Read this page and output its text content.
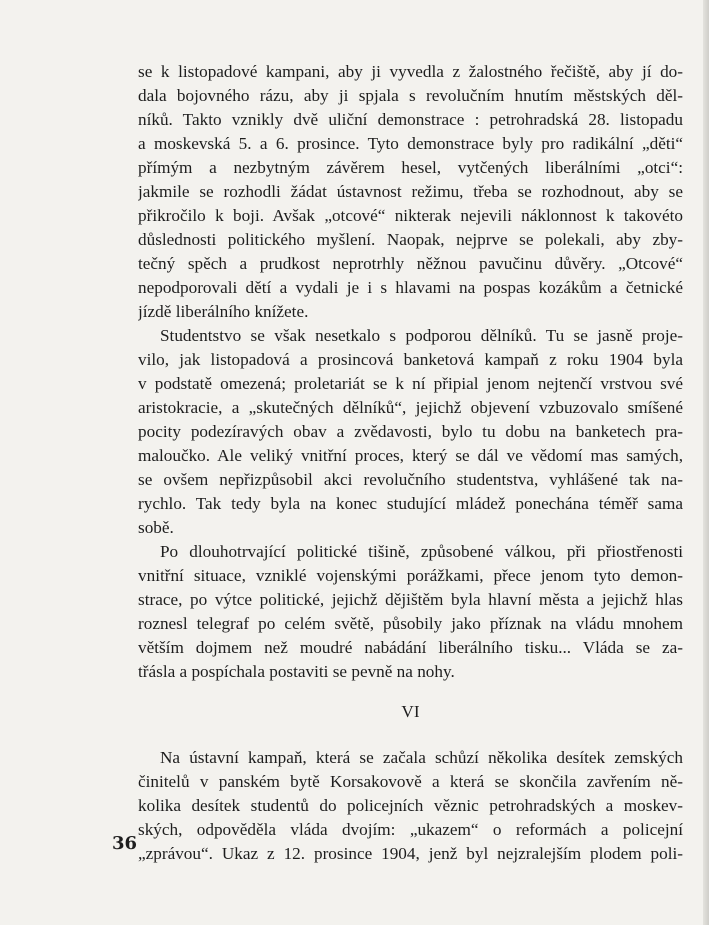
se k listopadové kampani, aby ji vyvedla z žalostného řečiště, aby jí do-
dala bojovného rázu, aby ji spjala s revolučním hnutím městských děl-
níků. Takto vznikly dvě uliční demonstrace : petrohradská 28. listopadu
a moskevská 5. a 6. prosince. Tyto demonstrace byly pro radikální „děti“
přímým a nezbytným závěrem hesel, vytčených liberálními „otci“:
jakmile se rozhodli žádat ústavnost režimu, třeba se rozhodnout, aby se
přikročilo k boji. Avšak „otcové“ nikterak nejevili náklonnost k takovéto
důslednosti politického myšlení. Naopak, nejprve se polekali, aby zby-
tečný spěch a prudkost neprotrhly něžnou pavučinu důvěry. „Otcové“
nepodporovali dětí a vydali je i s hlavami na pospas kozákům a četnické
jízdě liberálního knížete.
Studentstvo se však nesetkalo s podporou dělníků. Tu se jasně proje-
vilo, jak listopadová a prosincová banketová kampaň z roku 1904 byla
v podstatě omezená; proletariát se k ní připial jenom nejtenčí vrstvou své
aristokracie, a „skutečných dělníků“, jejichž objevení vzbuzovalo smíšené
pocity podezíravých obav a zvědavosti, bylo tu dobu na banketech pra-
maloučko. Ale veliký vnitřní proces, který se dál ve vědomí mas samých,
se ovšem nepřizpůsobil akci revolučního studentstva, vyhlášené tak na-
rychlo. Tak tedy byla na konec studující mládež ponechána téměř sama
sobě.
Po dlouhotrvající politické tišině, způsobené válkou, při přiostřenosti
vnitřní situace, vzniklé vojenskými porážkami, přece jenom tyto demon-
strace, po výtce politické, jejichž dějištěm byla hlavní města a jejichž hlas
roznesl telegraf po celém světě, působily jako příznak na vládu mnohem
větším dojmem než moudré nabádání liberálního tisku... Vláda se za-
třásla a pospíchala postaviti se pevně na nohy.
VI
Na ústavní kampaň, která se začala schůzí několika desítek zemských
činitelů v panském bytě Korsakovově a která se skončila zavřením ně-
kolika desítek studentů do policejních věznic petrohradských a moskev-
ských, odpověděla vláda dvojím: „ukazem“ o reformách a policejní
„zprávou“. Ukaz z 12. prosince 1904, jenž byl nejzralejším plodem poli-
36
